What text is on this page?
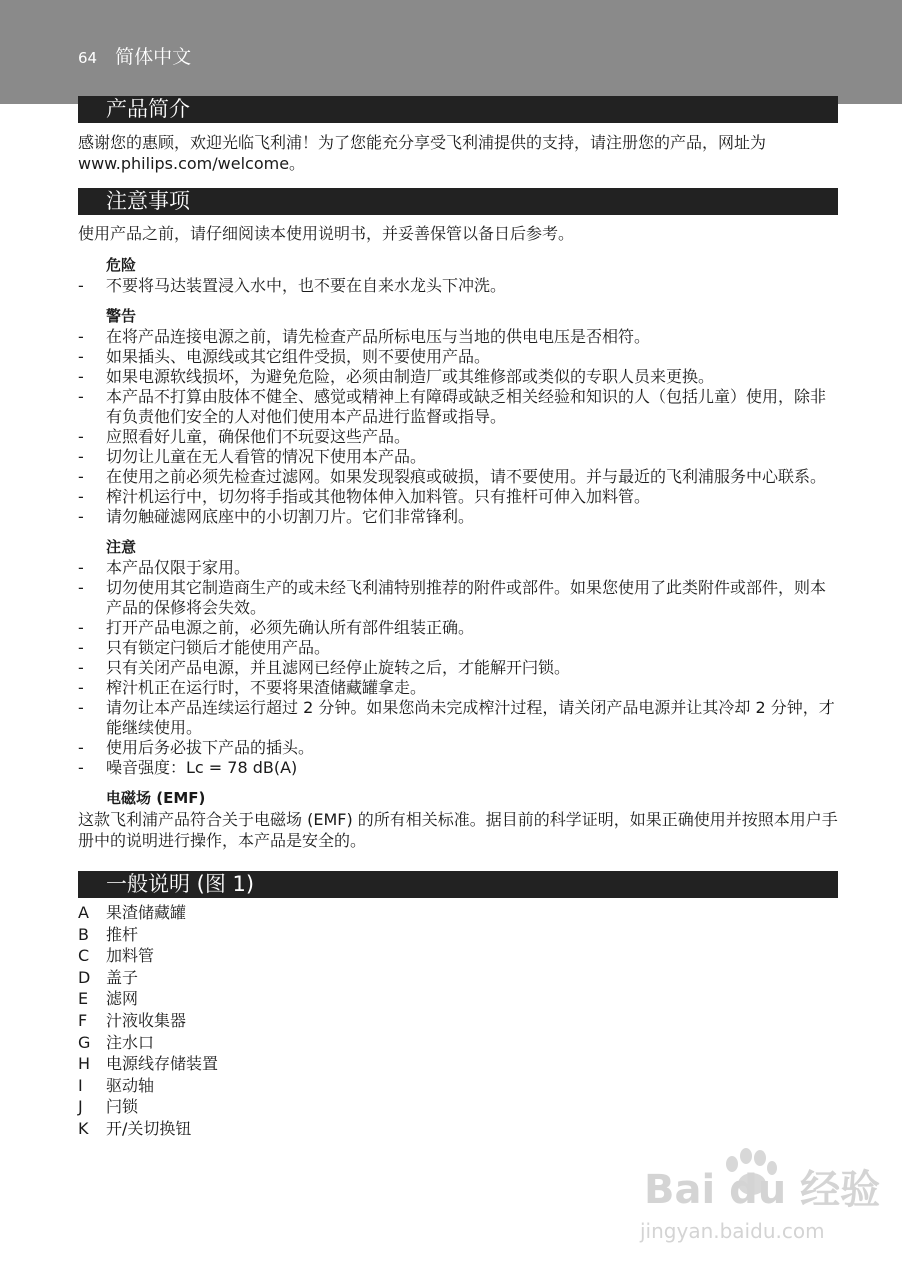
64 简体中文
产品简介

感谢您的惠顾，欢迎光临飞利浦！为了您能充分享受飞利浦提供的支持，请注册您的产品，网址为 www.philips.com/welcome。

注意事项

使用产品之前，请仔细阅读本使用说明书，并妥善保管以备日后参考。

危险

- 不要将马达装置浸入水中，也不要在自来水龙头下冲洗。

警告

- 在将产品连接电源之前，请先检查产品所标电压与当地的供电电压是否相符。
- 如果插头、电源线或其它组件受损，则不要使用产品。
- 如果电源软线损坏，为避免危险，必须由制造厂或其维修部或类似的专职人员来更换。
- 本产品不打算由肢体不健全、感觉或精神上有障碍或缺乏相关经验和知识的人（包括儿童）使用，除非有负责他们安全的人对他们使用本产品进行监督或指导。
- 应照看好儿童，确保他们不玩耍这些产品。
- 切勿让儿童在无人看管的情况下使用本产品。
- 在使用之前必须先检查过滤网。如果发现裂痕或破损，请不要使用。并与最近的飞利浦服务中心联系。
- 榨汁机运行中，切勿将手指或其他物体伸入加料管。只有推杆可伸入加料管。
- 请勿触碰滤网底座中的小切割刀片。它们非常锋利。

注意

- 本产品仅限于家用。
- 切勿使用其它制造商生产的或未经飞利浦特别推荐的附件或部件。如果您使用了此类附件或部件，则本产品的保修将会失效。
- 打开产品电源之前，必须先确认所有部件组装正确。
- 只有锁定闩锁后才能使用产品。
- 只有关闭产品电源，并且滤网已经停止旋转之后，才能解开闩锁。
- 榨汁机正在运行时，不要将果渣储藏罐拿走。
- 请勿让本产品连续运行超过 2 分钟。如果您尚未完成榨汁过程，请关闭产品电源并让其冷却 2 分钟，才能继续使用。
- 使用后务必拔下产品的插头。
- 噪音强度：Lc = 78 dB(A)

电磁场 (EMF)

这款飞利浦产品符合关于电磁场 (EMF) 的所有相关标准。据目前的科学证明，如果正确使用并按照本用户手册中的说明进行操作，本产品是安全的。

一般说明 (图 1)
A 果渣储藏罐
B 推杆
C 加料管
D 盖子
E 滤网
F 汁液收集器
G 注水口
H 电源线存储装置
I 驱动轴
J 闩锁
K 开/关切换钮
Bai du 经验
jingyan.baidu.com
